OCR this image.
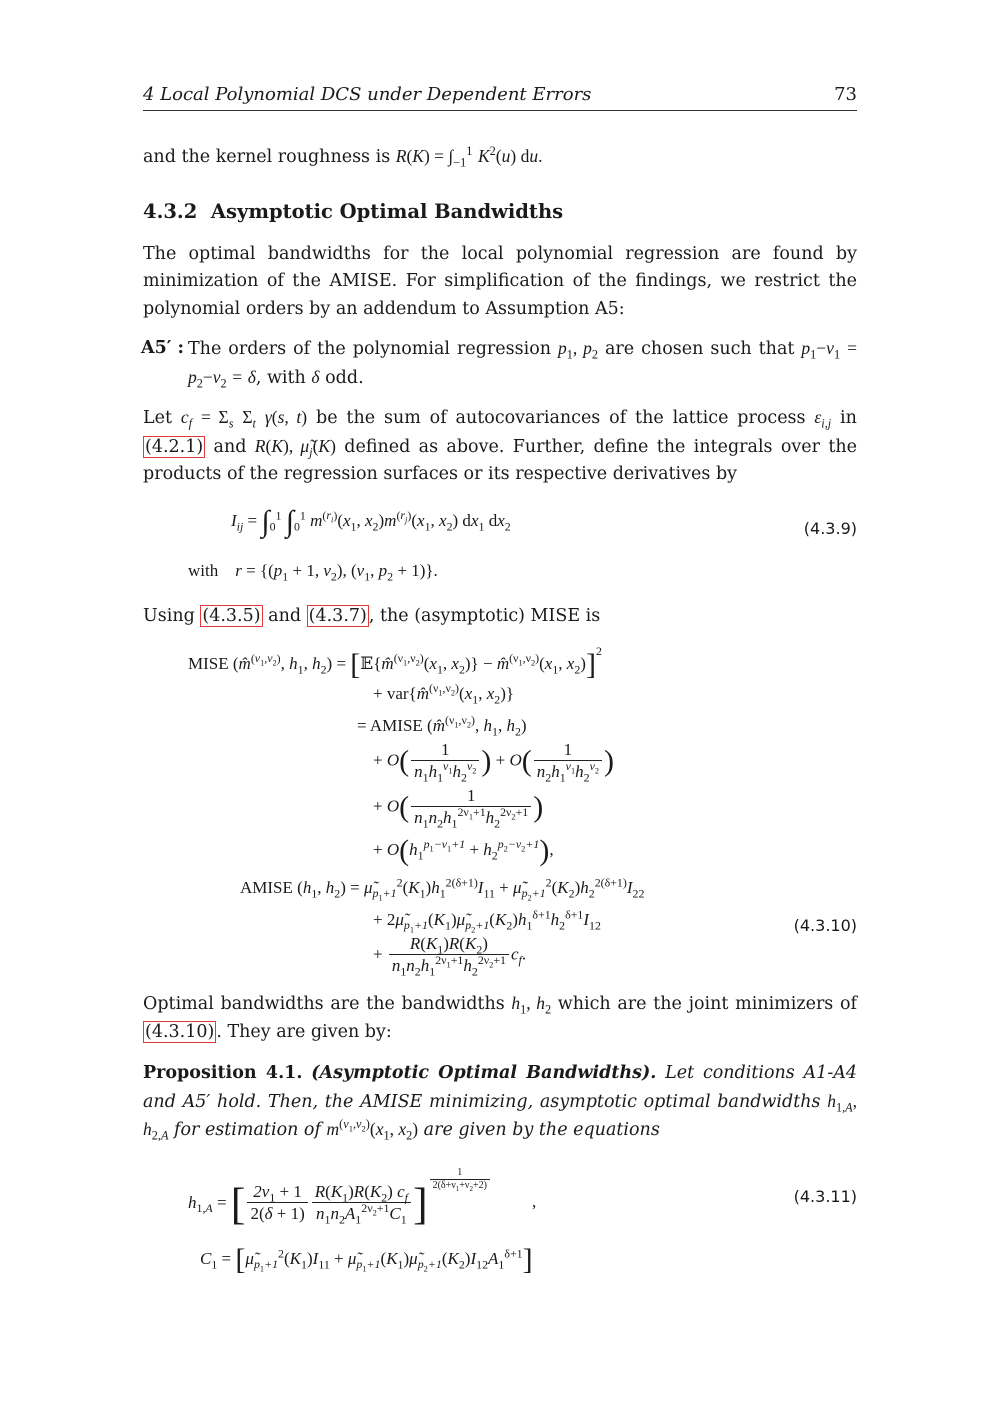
4 Local Polynomial DCS under Dependent Errors	73

and the kernel roughness is $R(K) = \int_{-1}^1$ $K^2(u)$ du.

4.3.2 Asymptotic Optimal Bandwidths

The optimal bandwidths for the local polynomial regression are found by minimization of the AMISE. For simplification of the findings, we restrict the polynomial orders by an addendum to Assumption A5:

A5′ : The orders of the polynomial regression $p_1$, $p_2$ are chosen such that $p_1-\nu_1 = p_2-\nu_2 = \delta$, with δ odd.

Let $c_f = \Sigma_s$ $\Sigma_t$ γ(s, t) be the sum of autocovariances of the lattice process $\varepsilon_{i,j}$ in (4.2.1) and R(K), $\mũ_j(K)$ defined as above. Further, define the integrals over the products of the regression surfaces or its respective derivatives by

$I_{ij} = \int_0^1$ $\int_0^1$ $m^{(r_i)}(x_1$, $x_2)m^{(r_j)}(x_1$, $x_2$) $dx_1$ $dx_2$	(4.3.9)
with    $r = \{(p_1 + 1$, $\nu_2$), ($\nu_1$, $p_2 + 1$)}.

Using (4.3.5) and (4.3.7) , the (asymptotic) MISE is

MISE (m̂$^{(\nu_1,\nu_2)}$, $h_1$, $h_2$) = [$𝔼\{m̂^{(\nu_1,\nu_2)}(x_1$, $x_2$)} − $m̂^{(\nu_1,\nu_2)}(x_1$, $x_2)]^2$
+ $var\{m̂^{(\nu_1,\nu_2)}(x_1$, $x_2$)}
= AMISE (m̂$^{(\nu_1,\nu_2)}$, $h_1$, $h_2$)
+ $O( \frac{1}{n_1h_1^{\nu_1}h_2^{\nu_2}}$ ) + $O( \frac{1}{n_2h_1^{\nu_1}h_2^{\nu_2}}$ )
+ $O( \frac{1}{n_1n_2h_1^{2\nu_1+1}h_2^{2\nu_2+1}}$ )
+ $O(h_1^{p_1-\nu_1+1} + h_2^{p_2-\nu_2+1})$,
AMISE ($h_1$, $h_2$) = $\mũ_{p_1+1}^2(K_1)h_1^{2(\delta+1)}I_{11}$ + $\mũ_{p_2+1}^2(K_2)h_2^{2(\delta+1)}I_{22}$
+ $2\mũ_{p_1+1}(K_1)\mũ_{p_2+1}(K_2)h_1^{\delta+1}h_2^{\delta+1}I_{12}$	(4.3.10)
+ $\frac{R(K_1)R(K_2)}{n_1n_2h_1^{2\nu_1+1}h_2^{2\nu_2+1}} c_f$.

Optimal bandwidths are the bandwidths $h_1$, $h_2$ which are the joint minimizers of (4.3.10) . They are given by:

Proposition 4.1. (Asymptotic Optimal Bandwidths). Let conditions A1-A4 and A5′ hold. Then, the AMISE minimizing, asymptotic optimal bandwidths $h_{1,A}$, $h_{2,A}$ for estimation of $m^{(\nu_1,\nu_2)}(x_1$, $x_2$) are given by the equations

$h_{1,A}$ = [ $\frac{2\nu_1 + 1}{2(\delta + 1)} \frac{R(K_1)R(K_2) c_f}{n_1n_2A_1^{2\nu_2+1}C_1}$ ] $^{\frac{1}{2(\delta+\nu_1+\nu_2+2)}}$
,	(4.3.11)
$C_1$ = [$\mũ_{p_1+1}^2(K_1)I_{11}$ + $\mũ_{p_1+1}(K_1)\mũ_{p_2+1}(K_2)I_{12}A_1^{\delta+1}$]
